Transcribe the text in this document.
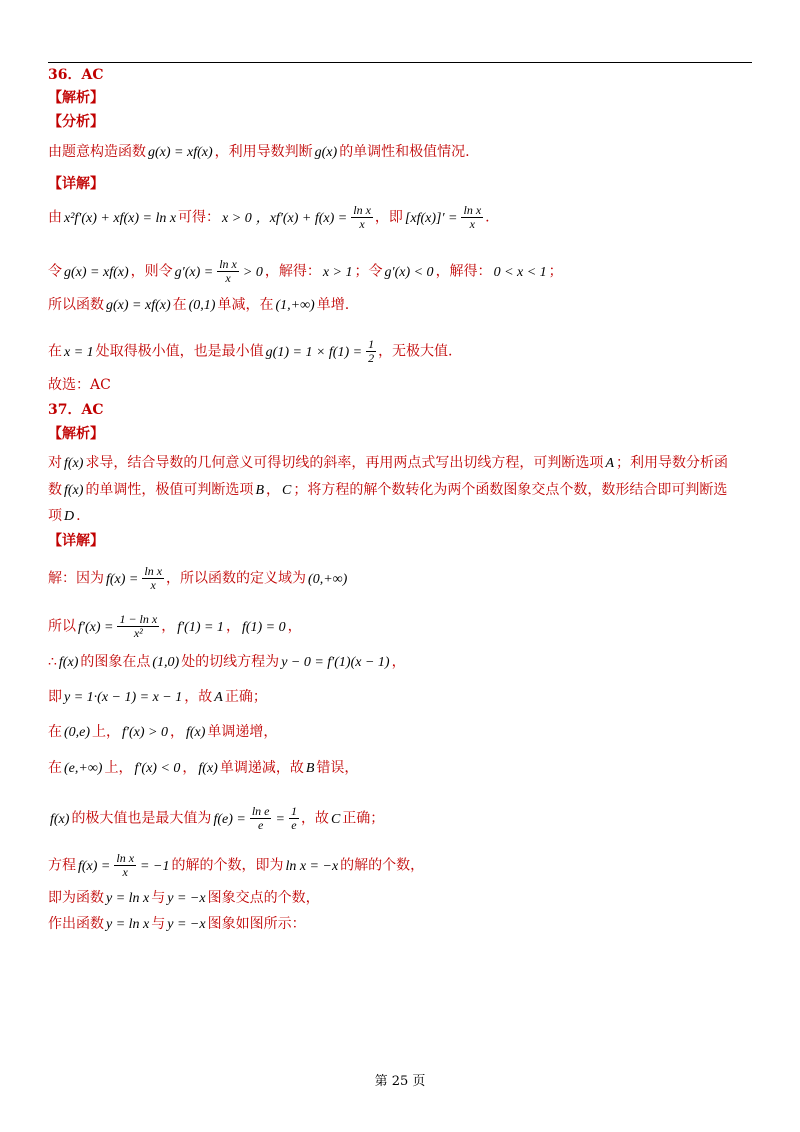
36．AC
【解析】
【分析】
由题意构造函数 g(x) = xf(x) ，利用导数判断 g(x) 的单调性和极值情况.
【详解】
由 x²f′(x) + xf(x) = ln x 可得： x > 0 ，$xf'(x) + f(x) = \frac{\text{ln x}}{x}$ ，即 $[xf(x)]' = \frac{\text{ln x}}{x}$ .
令 g(x) = xf(x) ，则令 $g'(x) = \frac{\text{ln x}}{x} > 0$ ，解得： x > 1 ；令 g′(x) < 0 ，解得： 0 < x < 1 ；
所以函数 g(x) = xf(x) 在 (0,1) 单减，在 (1,+∞) 单增.
在 x = 1 处取得极小值，也是最小值 $g(1) = 1 \times f(1) = \frac{1}{2}$ ，无极大值.
故选：AC
37．AC
【解析】
对 f(x) 求导，结合导数的几何意义可得切线的斜率，再用两点式写出切线方程，可判断选项 A ；利用导数分析函
数 f(x) 的单调性，极值可判断选项 B ， C ；将方程的解个数转化为两个函数图象交点个数，数形结合即可判断选
项 D .
【详解】
解：因为 $f(x) = \frac{\text{ln x}}{x}$ ，所以函数的定义域为 (0,+∞)
所以 $f'(x) = \frac{\text{1 − ln x}}{\text{x²}}$ ， f′(1) = 1 ， f(1) = 0 ，
∴ f(x) 的图象在点 (1,0) 处的切线方程为 y − 0 = f′(1)(x − 1) ，
即 y = 1·(x − 1) = x − 1 ，故 A 正确；
在 (0,e) 上， f′(x) > 0 ， f(x) 单调递增，
在 (e,+∞) 上， f′(x) < 0 ， f(x) 单调递减，故 B 错误，
f(x) 的极大值也是最大值为 $f(e) = \frac{\text{ln e}}{e} = \frac{1}{e}$ ，故 C 正确；
方程 $f(x) = \frac{\text{ln x}}{x} = -1$ 的解的个数，即为 ln x = −x 的解的个数，
即为函数 y = ln x 与 y = −x 图象交点的个数，
作出函数 y = ln x 与 y = −x 图象如图所示：
第 25 页
